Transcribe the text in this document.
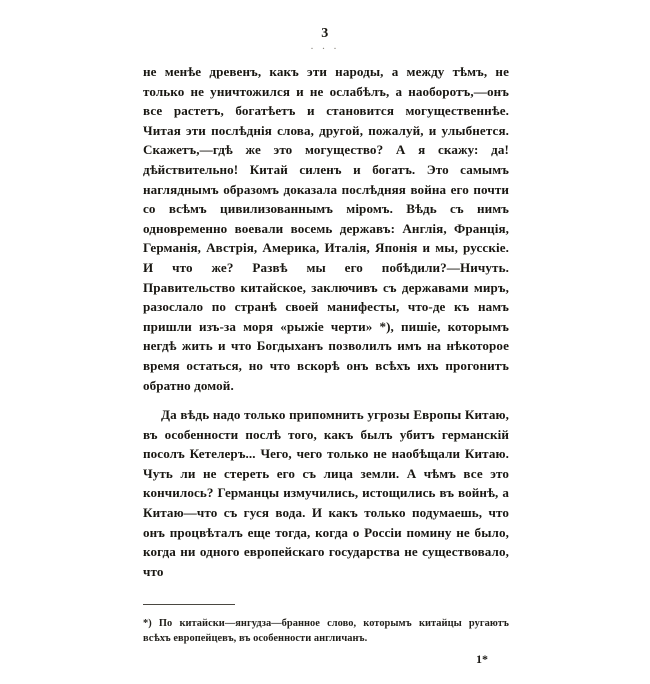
3
. . .

не менѣе древенъ, какъ эти народы, а между тѣмъ, не только не уничтожился и не ослабѣлъ, а наоборотъ,—онъ все растетъ, богатѣетъ и становится могущественнѣе. Читая эти послѣднія слова, другой, пожалуй, и улыбнется. Скажетъ,—гдѣ же это могущество? А я скажу: да! дѣйствительно! Китай силенъ и богатъ. Это самымъ нагляднымъ образомъ доказала послѣдняя война его почти со всѣмъ цивилизованнымъ міромъ. Вѣдь съ нимъ одновременно воевали восемь державъ: Англія, Франція, Германія, Австрія, Америка, Италія, Японія и мы, русскіе. И что же? Развѣ мы его побѣдили?—Ничуть. Правительство китайское, заключивъ съ державами миръ, разослало по странѣ своей манифесты, что-де къ намъ пришли изъ-за моря «рыжіе черти» *), пишіе, которымъ негдѣ жить и что Богдыханъ позволилъ имъ на нѣкоторое время остаться, но что вскорѣ онъ всѣхъ ихъ прогонитъ обратно домой.

Да вѣдь надо только припомнить угрозы Европы Китаю, въ особенности послѣ того, какъ былъ убитъ германскій посолъ Кетелеръ... Чего, чего только не наобѣщали Китаю. Чуть ли не стереть его съ лица земли. А чѣмъ все это кончилось? Германцы измучились, истощились въ войнѣ, а Китаю—что съ гуся вода. И какъ только подумаешь, что онъ процвѣталъ еще тогда, когда о Россіи помину не было, когда ни одного европейскаго государства не существовало, что

*) По китайски—янгудза—бранное слово, которымъ китайцы ругаютъ всѣхъ европейцевъ, въ особенности англичанъ.
1*
